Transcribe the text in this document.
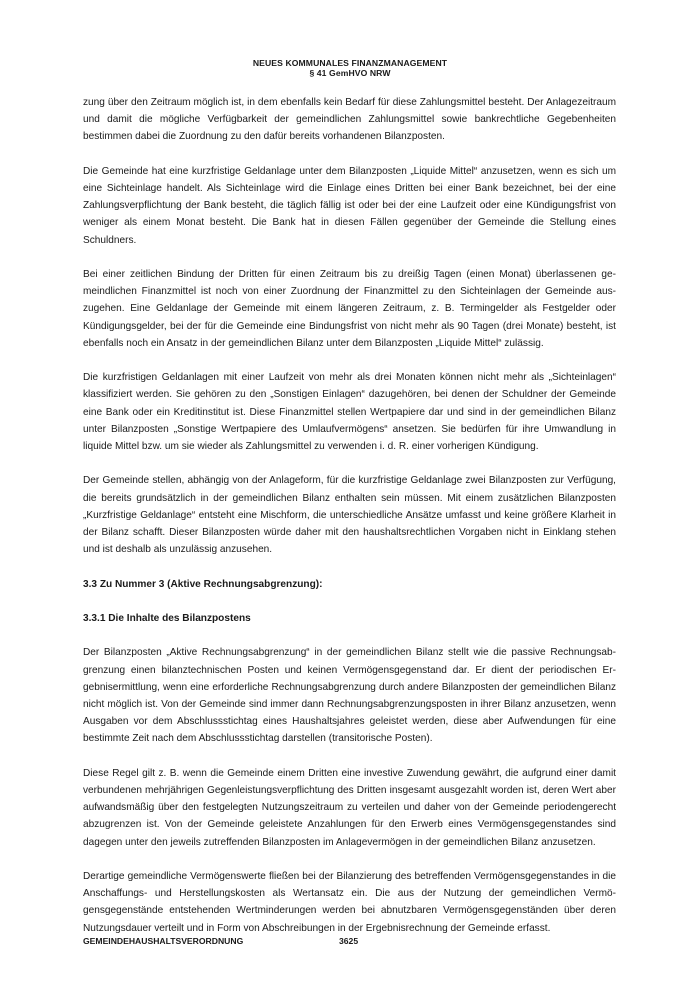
NEUES KOMMUNALES FINANZMANAGEMENT
§ 41 GemHVO NRW

zung über den Zeitraum möglich ist, in dem ebenfalls kein Bedarf für diese Zahlungsmittel besteht. Der Anlagezeitraum und damit die mögliche Verfügbarkeit der gemeindlichen Zahlungsmittel sowie bankrechtliche Gegebenheiten bestimmen dabei die Zuordnung zu den dafür bereits vorhandenen Bilanzposten.

Die Gemeinde hat eine kurzfristige Geldanlage unter dem Bilanzposten „Liquide Mittel“ anzusetzen, wenn es sich um eine Sichteinlage handelt. Als Sichteinlage wird die Einlage eines Dritten bei einer Bank bezeichnet, bei der eine Zahlungsverpflichtung der Bank besteht, die täglich fällig ist oder bei der eine Laufzeit oder eine Kündigungsfrist von weniger als einem Monat besteht. Die Bank hat in diesen Fällen gegenüber der Gemeinde die Stellung eines Schuldners.

Bei einer zeitlichen Bindung der Dritten für einen Zeitraum bis zu dreißig Tagen (einen Monat) überlassenen gemeindlichen Finanzmittel ist noch von einer Zuordnung der Finanzmittel zu den Sichteinlagen der Gemeinde auszugehen. Eine Geldanlage der Gemeinde mit einem längeren Zeitraum, z. B. Termingelder als Festgelder oder Kündigungsgelder, bei der für die Gemeinde eine Bindungsfrist von nicht mehr als 90 Tagen (drei Monate) besteht, ist ebenfalls noch ein Ansatz in der gemeindlichen Bilanz unter dem Bilanzposten „Liquide Mittel“ zulässig.

Die kurzfristigen Geldanlagen mit einer Laufzeit von mehr als drei Monaten können nicht mehr als „Sichteinlagen“ klassifiziert werden. Sie gehören zu den „Sonstigen Einlagen“ dazugehören, bei denen der Schuldner der Gemeinde eine Bank oder ein Kreditinstitut ist. Diese Finanzmittel stellen Wertpapiere dar und sind in der gemeindlichen Bilanz unter Bilanzposten „Sonstige Wertpapiere des Umlaufvermögens“ ansetzen. Sie bedürfen für ihre Umwandlung in liquide Mittel bzw. um sie wieder als Zahlungsmittel zu verwenden i. d. R. einer vorherigen Kündigung.

Der Gemeinde stellen, abhängig von der Anlageform, für die kurzfristige Geldanlage zwei Bilanzposten zur Verfügung, die bereits grundsätzlich in der gemeindlichen Bilanz enthalten sein müssen. Mit einem zusätzlichen Bilanzposten „Kurzfristige Geldanlage“ entsteht eine Mischform, die unterschiedliche Ansätze umfasst und keine größere Klarheit in der Bilanz schafft. Dieser Bilanzposten würde daher mit den haushaltsrechtlichen Vorgaben nicht in Einklang stehen und ist deshalb als unzulässig anzusehen.

3.3 Zu Nummer 3 (Aktive Rechnungsabgrenzung):
3.3.1 Die Inhalte des Bilanzpostens

Der Bilanzposten „Aktive Rechnungsabgrenzung“ in der gemeindlichen Bilanz stellt wie die passive Rechnungsabgrenzung einen bilanztechnischen Posten und keinen Vermögensgegenstand dar. Er dient der periodischen Ergebnisermittlung, wenn eine erforderliche Rechnungsabgrenzung durch andere Bilanzposten der gemeindlichen Bilanz nicht möglich ist. Von der Gemeinde sind immer dann Rechnungsabgrenzungsposten in ihrer Bilanz anzusetzen, wenn Ausgaben vor dem Abschlussstichtag eines Haushaltsjahres geleistet werden, diese aber Aufwendungen für eine bestimmte Zeit nach dem Abschlussstichtag darstellen (transitorische Posten).

Diese Regel gilt z. B. wenn die Gemeinde einem Dritten eine investive Zuwendung gewährt, die aufgrund einer damit verbundenen mehrjährigen Gegenleistungsverpflichtung des Dritten insgesamt ausgezahlt worden ist, deren Wert aber aufwandsmäßig über den festgelegten Nutzungszeitraum zu verteilen und daher von der Gemeinde periodengerecht abzugrenzen ist. Von der Gemeinde geleistete Anzahlungen für den Erwerb eines Vermögensgegenstandes sind dagegen unter den jeweils zutreffenden Bilanzposten im Anlagevermögen in der gemeindlichen Bilanz anzusetzen.

Derartige gemeindliche Vermögenswerte fließen bei der Bilanzierung des betreffenden Vermögensgegenstandes in die Anschaffungs- und Herstellungskosten als Wertansatz ein. Die aus der Nutzung der gemeindlichen Vermögensgegenstände entstehenden Wertminderungen werden bei abnutzbaren Vermögensgegenständen über deren Nutzungsdauer verteilt und in Form von Abschreibungen in der Ergebnisrechnung der Gemeinde erfasst.

GEMEINDEHAUSHALTSVERORDNUNG	3625
